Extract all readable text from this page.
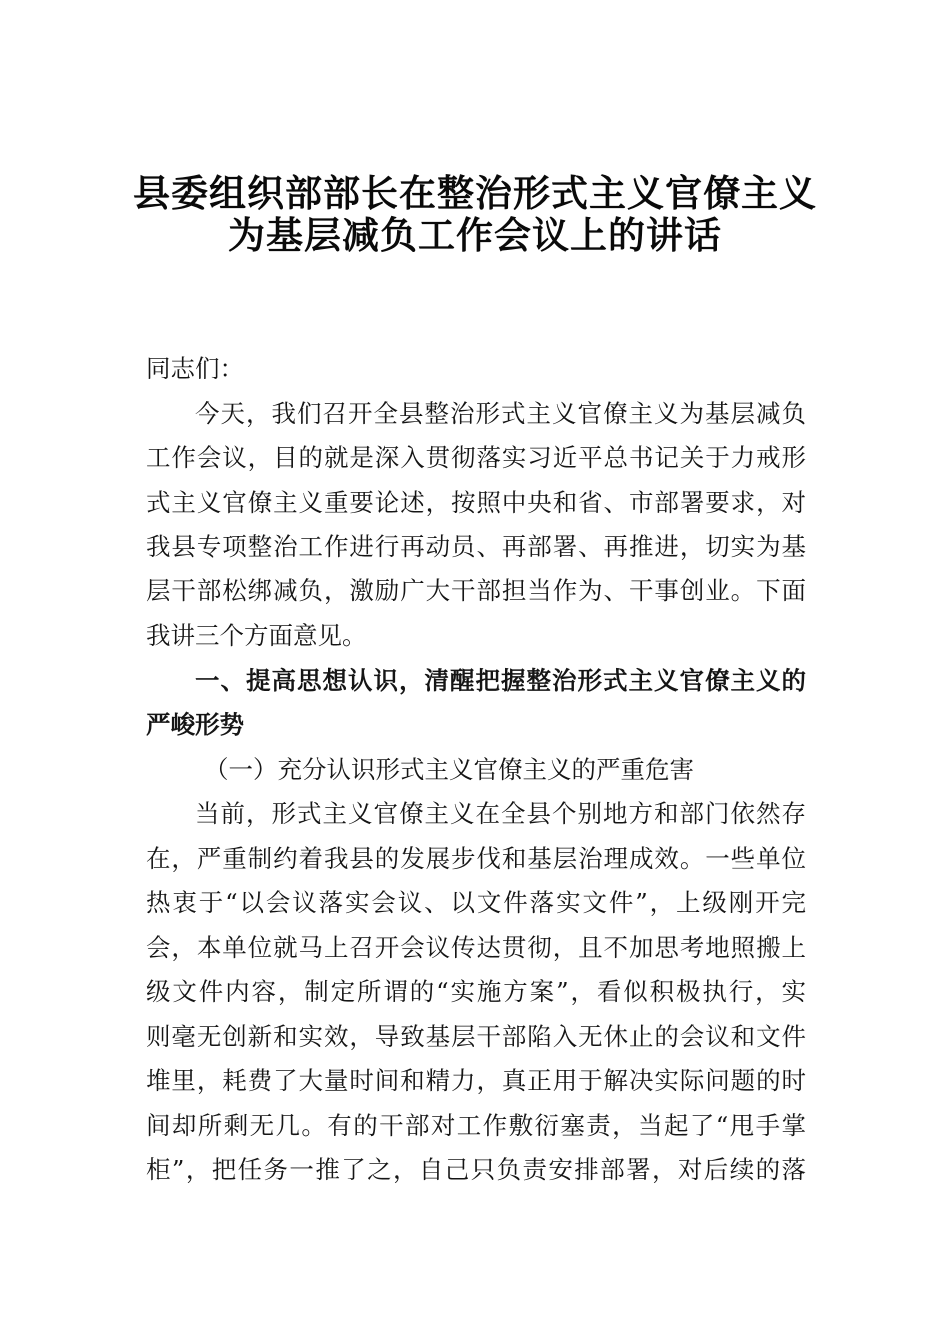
县委组织部部长在整治形式主义官僚主义
为基层减负工作会议上的讲话
同志们：
今天，我们召开全县整治形式主义官僚主义为基层减负
工作会议，目的就是深入贯彻落实习近平总书记关于力戒形
式主义官僚主义重要论述，按照中央和省、市部署要求，对
我县专项整治工作进行再动员、再部署、再推进，切实为基
层干部松绑减负，激励广大干部担当作为、干事创业。下面
我讲三个方面意见。
一、提高思想认识，清醒把握整治形式主义官僚主义的
严峻形势
（一）充分认识形式主义官僚主义的严重危害
当前，形式主义官僚主义在全县个别地方和部门依然存
在，严重制约着我县的发展步伐和基层治理成效。一些单位
热衷于“以会议落实会议、以文件落实文件”，上级刚开完
会，本单位就马上召开会议传达贯彻，且不加思考地照搬上
级文件内容，制定所谓的“实施方案”，看似积极执行，实
则毫无创新和实效，导致基层干部陷入无休止的会议和文件
堆里，耗费了大量时间和精力，真正用于解决实际问题的时
间却所剩无几。有的干部对工作敷衍塞责，当起了“甩手掌
柜”，把任务一推了之，自己只负责安排部署，对后续的落
